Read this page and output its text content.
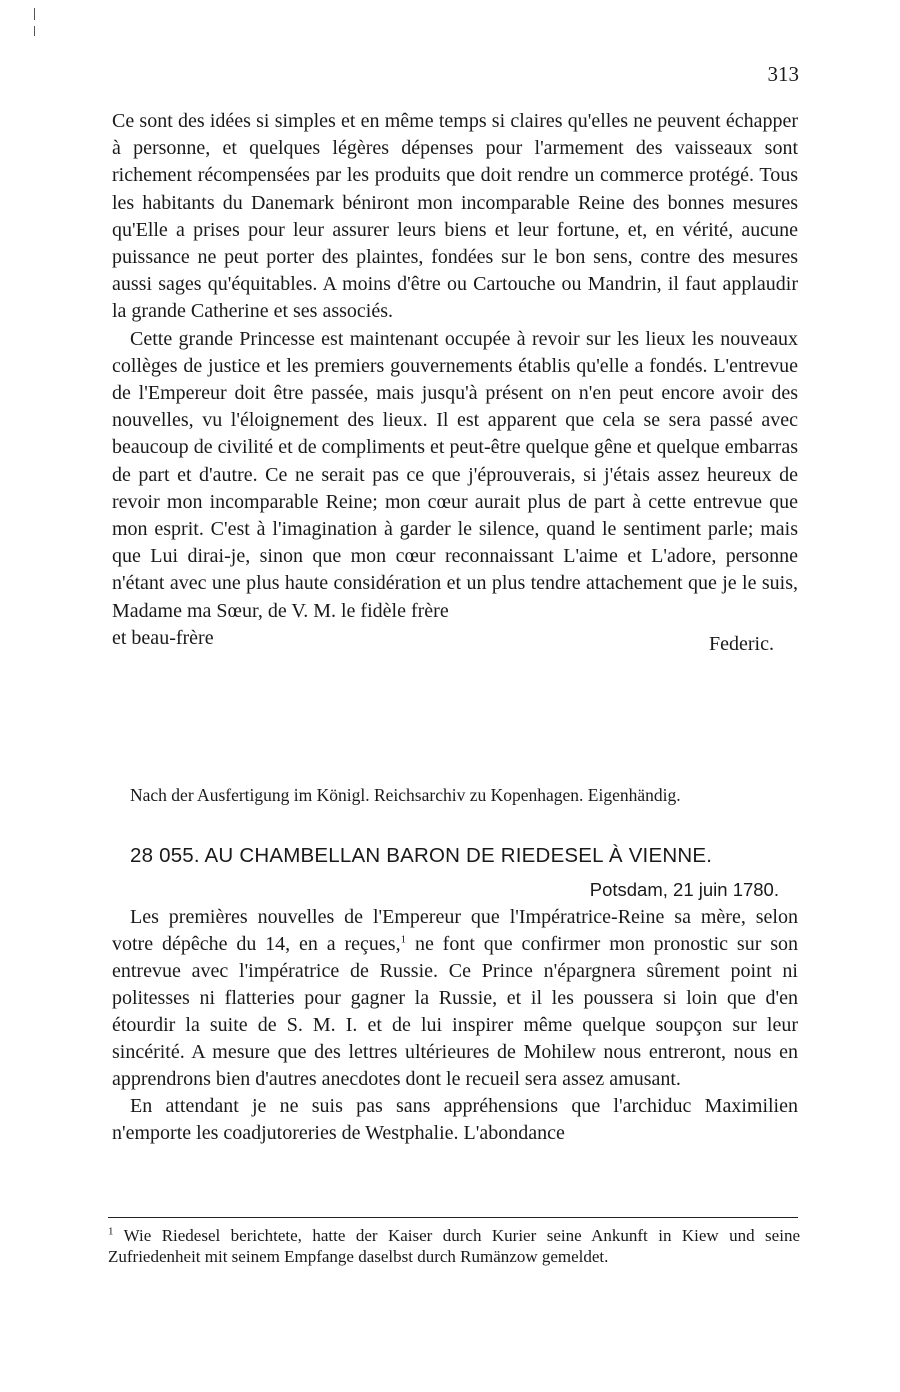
313

Ce sont des idées si simples et en même temps si claires qu'elles ne peuvent échapper à personne, et quelques légères dépenses pour l'armement des vaisseaux sont richement récompensées par les produits que doit rendre un commerce protégé. Tous les habitants du Danemark béniront mon incomparable Reine des bonnes mesures qu'Elle a prises pour leur assurer leurs biens et leur fortune, et, en vérité, aucune puissance ne peut porter des plaintes, fondées sur le bon sens, contre des mesures aussi sages qu'équitables. A moins d'être ou Cartouche ou Mandrin, il faut applaudir la grande Catherine et ses associés.

Cette grande Princesse est maintenant occupée à revoir sur les lieux les nouveaux collèges de justice et les premiers gouvernements établis qu'elle a fondés. L'entrevue de l'Empereur doit être passée, mais jusqu'à présent on n'en peut encore avoir des nouvelles, vu l'éloignement des lieux. Il est apparent que cela se sera passé avec beaucoup de civilité et de compliments et peut-être quelque gêne et quelque embarras de part et d'autre. Ce ne serait pas ce que j'éprouverais, si j'étais assez heureux de revoir mon incomparable Reine; mon cœur aurait plus de part à cette entrevue que mon esprit. C'est à l'imagination à garder le silence, quand le sentiment parle; mais que Lui dirai-je, sinon que mon cœur reconnaissant L'aime et L'adore, personne n'étant avec une plus haute considération et un plus tendre attachement que je le suis, Madame ma Sœur, de V. M. le fidèle frère

et beau-frère	Federic.
Nach der Ausfertigung im Königl. Reichsarchiv zu Kopenhagen. Eigenhändig.
28 055. AU CHAMBELLAN BARON DE RIEDESEL À VIENNE.
Potsdam, 21 juin 1780.

Les premières nouvelles de l'Empereur que l'Impératrice-Reine sa mère, selon votre dépêche du 14, en a reçues,$^1$ ne font que confirmer mon pronostic sur son entrevue avec l'impératrice de Russie. Ce Prince n'épargnera sûrement point ni politesses ni flatteries pour gagner la Russie, et il les poussera si loin que d'en étourdir la suite de S. M. I. et de lui inspirer même quelque soupçon sur leur sincérité. A mesure que des lettres ultérieures de Mohilew nous entreront, nous en apprendrons bien d'autres anecdotes dont le recueil sera assez amusant.

En attendant je ne suis pas sans appréhensions que l'archiduc Maximilien n'emporte les coadjutoreries de Westphalie. L'abondance

$^1$ Wie Riedesel berichtete, hatte der Kaiser durch Kurier seine Ankunft in Kiew und seine Zufriedenheit mit seinem Empfange daselbst durch Rumänzow gemeldet.
